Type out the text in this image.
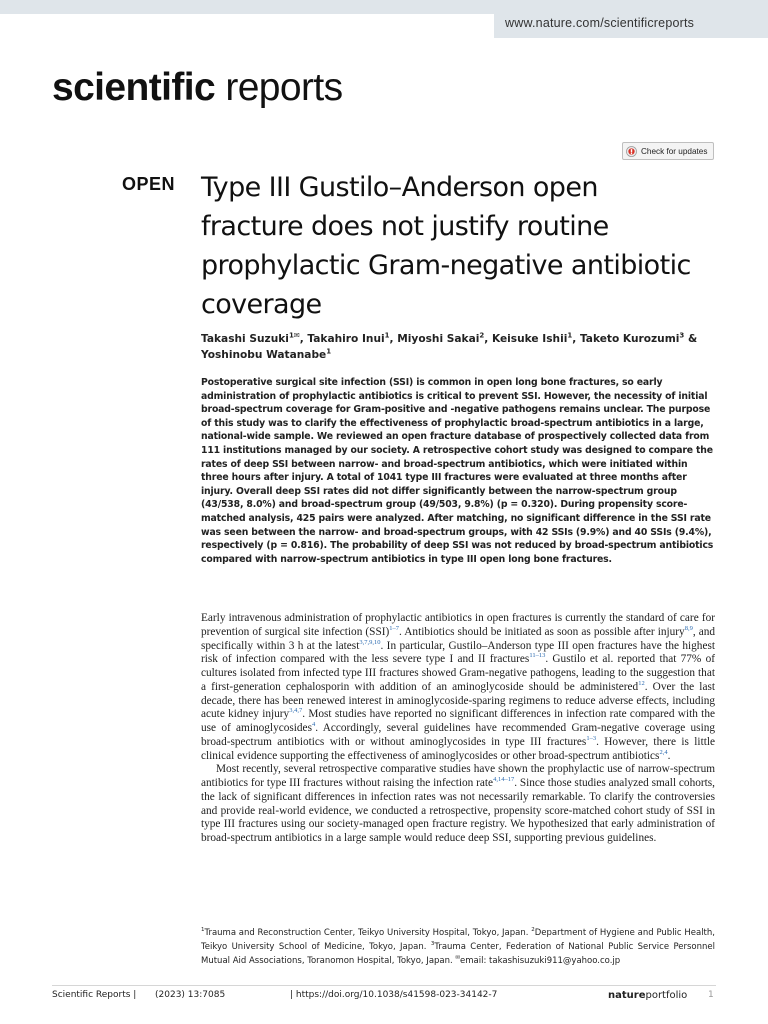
www.nature.com/scientificreports
scientific reports
Check for updates
OPEN Type III Gustilo–Anderson open fracture does not justify routine prophylactic Gram-negative antibiotic coverage
Takashi Suzuki$^{1✉}$, Takahiro Inui$^1$, Miyoshi Sakai$^2$, Keisuke Ishii$^1$, Taketo Kurozumi$^3$ & Yoshinobu Watanabe$^1$

Postoperative surgical site infection (SSI) is common in open long bone fractures, so early administration of prophylactic antibiotics is critical to prevent SSI. However, the necessity of initial broad-spectrum coverage for Gram-positive and -negative pathogens remains unclear. The purpose of this study was to clarify the effectiveness of prophylactic broad-spectrum antibiotics in a large, national-wide sample. We reviewed an open fracture database of prospectively collected data from 111 institutions managed by our society. A retrospective cohort study was designed to compare the rates of deep SSI between narrow- and broad-spectrum antibiotics, which were initiated within three hours after injury. A total of 1041 type III fractures were evaluated at three months after injury. Overall deep SSI rates did not differ significantly between the narrow-spectrum group (43/538, 8.0%) and broad-spectrum group (49/503, 9.8%) (p = 0.320). During propensity score-matched analysis, 425 pairs were analyzed. After matching, no significant difference in the SSI rate was seen between the narrow- and broad-spectrum groups, with 42 SSIs (9.9%) and 40 SSIs (9.4%), respectively (p = 0.816). The probability of deep SSI was not reduced by broad-spectrum antibiotics compared with narrow-spectrum antibiotics in type III open long bone fractures.

Early intravenous administration of prophylactic antibiotics in open fractures is currently the standard of care for prevention of surgical site infection (SSI)$^{1-7}$. Antibiotics should be initiated as soon as possible after injury$^{8,9}$, and specifically within 3 h at the latest$^{3,7,9,10}$. In particular, Gustilo–Anderson type III open fractures have the highest risk of infection compared with the less severe type I and II fractures$^{11-13}$. Gustilo et al. reported that 77% of cultures isolated from infected type III fractures showed Gram-negative pathogens, leading to the suggestion that a first-generation cephalosporin with addition of an aminoglycoside should be administered$^{12}$. Over the last decade, there has been renewed interest in aminoglycoside-sparing regimens to reduce adverse effects, including acute kidney injury$^{3,4,7}$. Most studies have reported no significant differences in infection rate compared with the use of aminoglycosides$^4$. Accordingly, several guidelines have recommended Gram-negative coverage using broad-spectrum antibiotics with or without aminoglycosides in type III fractures$^{1-3}$. However, there is little clinical evidence supporting the effectiveness of aminoglycosides or other broad-spectrum antibiotics$^{2,4}$.

Most recently, several retrospective comparative studies have shown the prophylactic use of narrow-spectrum antibiotics for type III fractures without raising the infection rate$^{4,14-17}$. Since those studies analyzed small cohorts, the lack of significant differences in infection rates was not necessarily remarkable. To clarify the controversies and provide real-world evidence, we conducted a retrospective, propensity score-matched cohort study of SSI in type III fractures using our society-managed open fracture registry. We hypothesized that early administration of broad-spectrum antibiotics in a large sample would reduce deep SSI, supporting previous guidelines.

$^1$Trauma and Reconstruction Center, Teikyo University Hospital, Tokyo, Japan. $^2$Department of Hygiene and Public Health, Teikyo University School of Medicine, Tokyo, Japan. $^3$Trauma Center, Federation of National Public Service Personnel Mutual Aid Associations, Toranomon Hospital, Tokyo, Japan. ✉email: takashisuzuki911@yahoo.co.jp
Scientific Reports | (2023) 13:7085	| https://doi.org/10.1038/s41598-023-34142-7	natureportfolio 1
